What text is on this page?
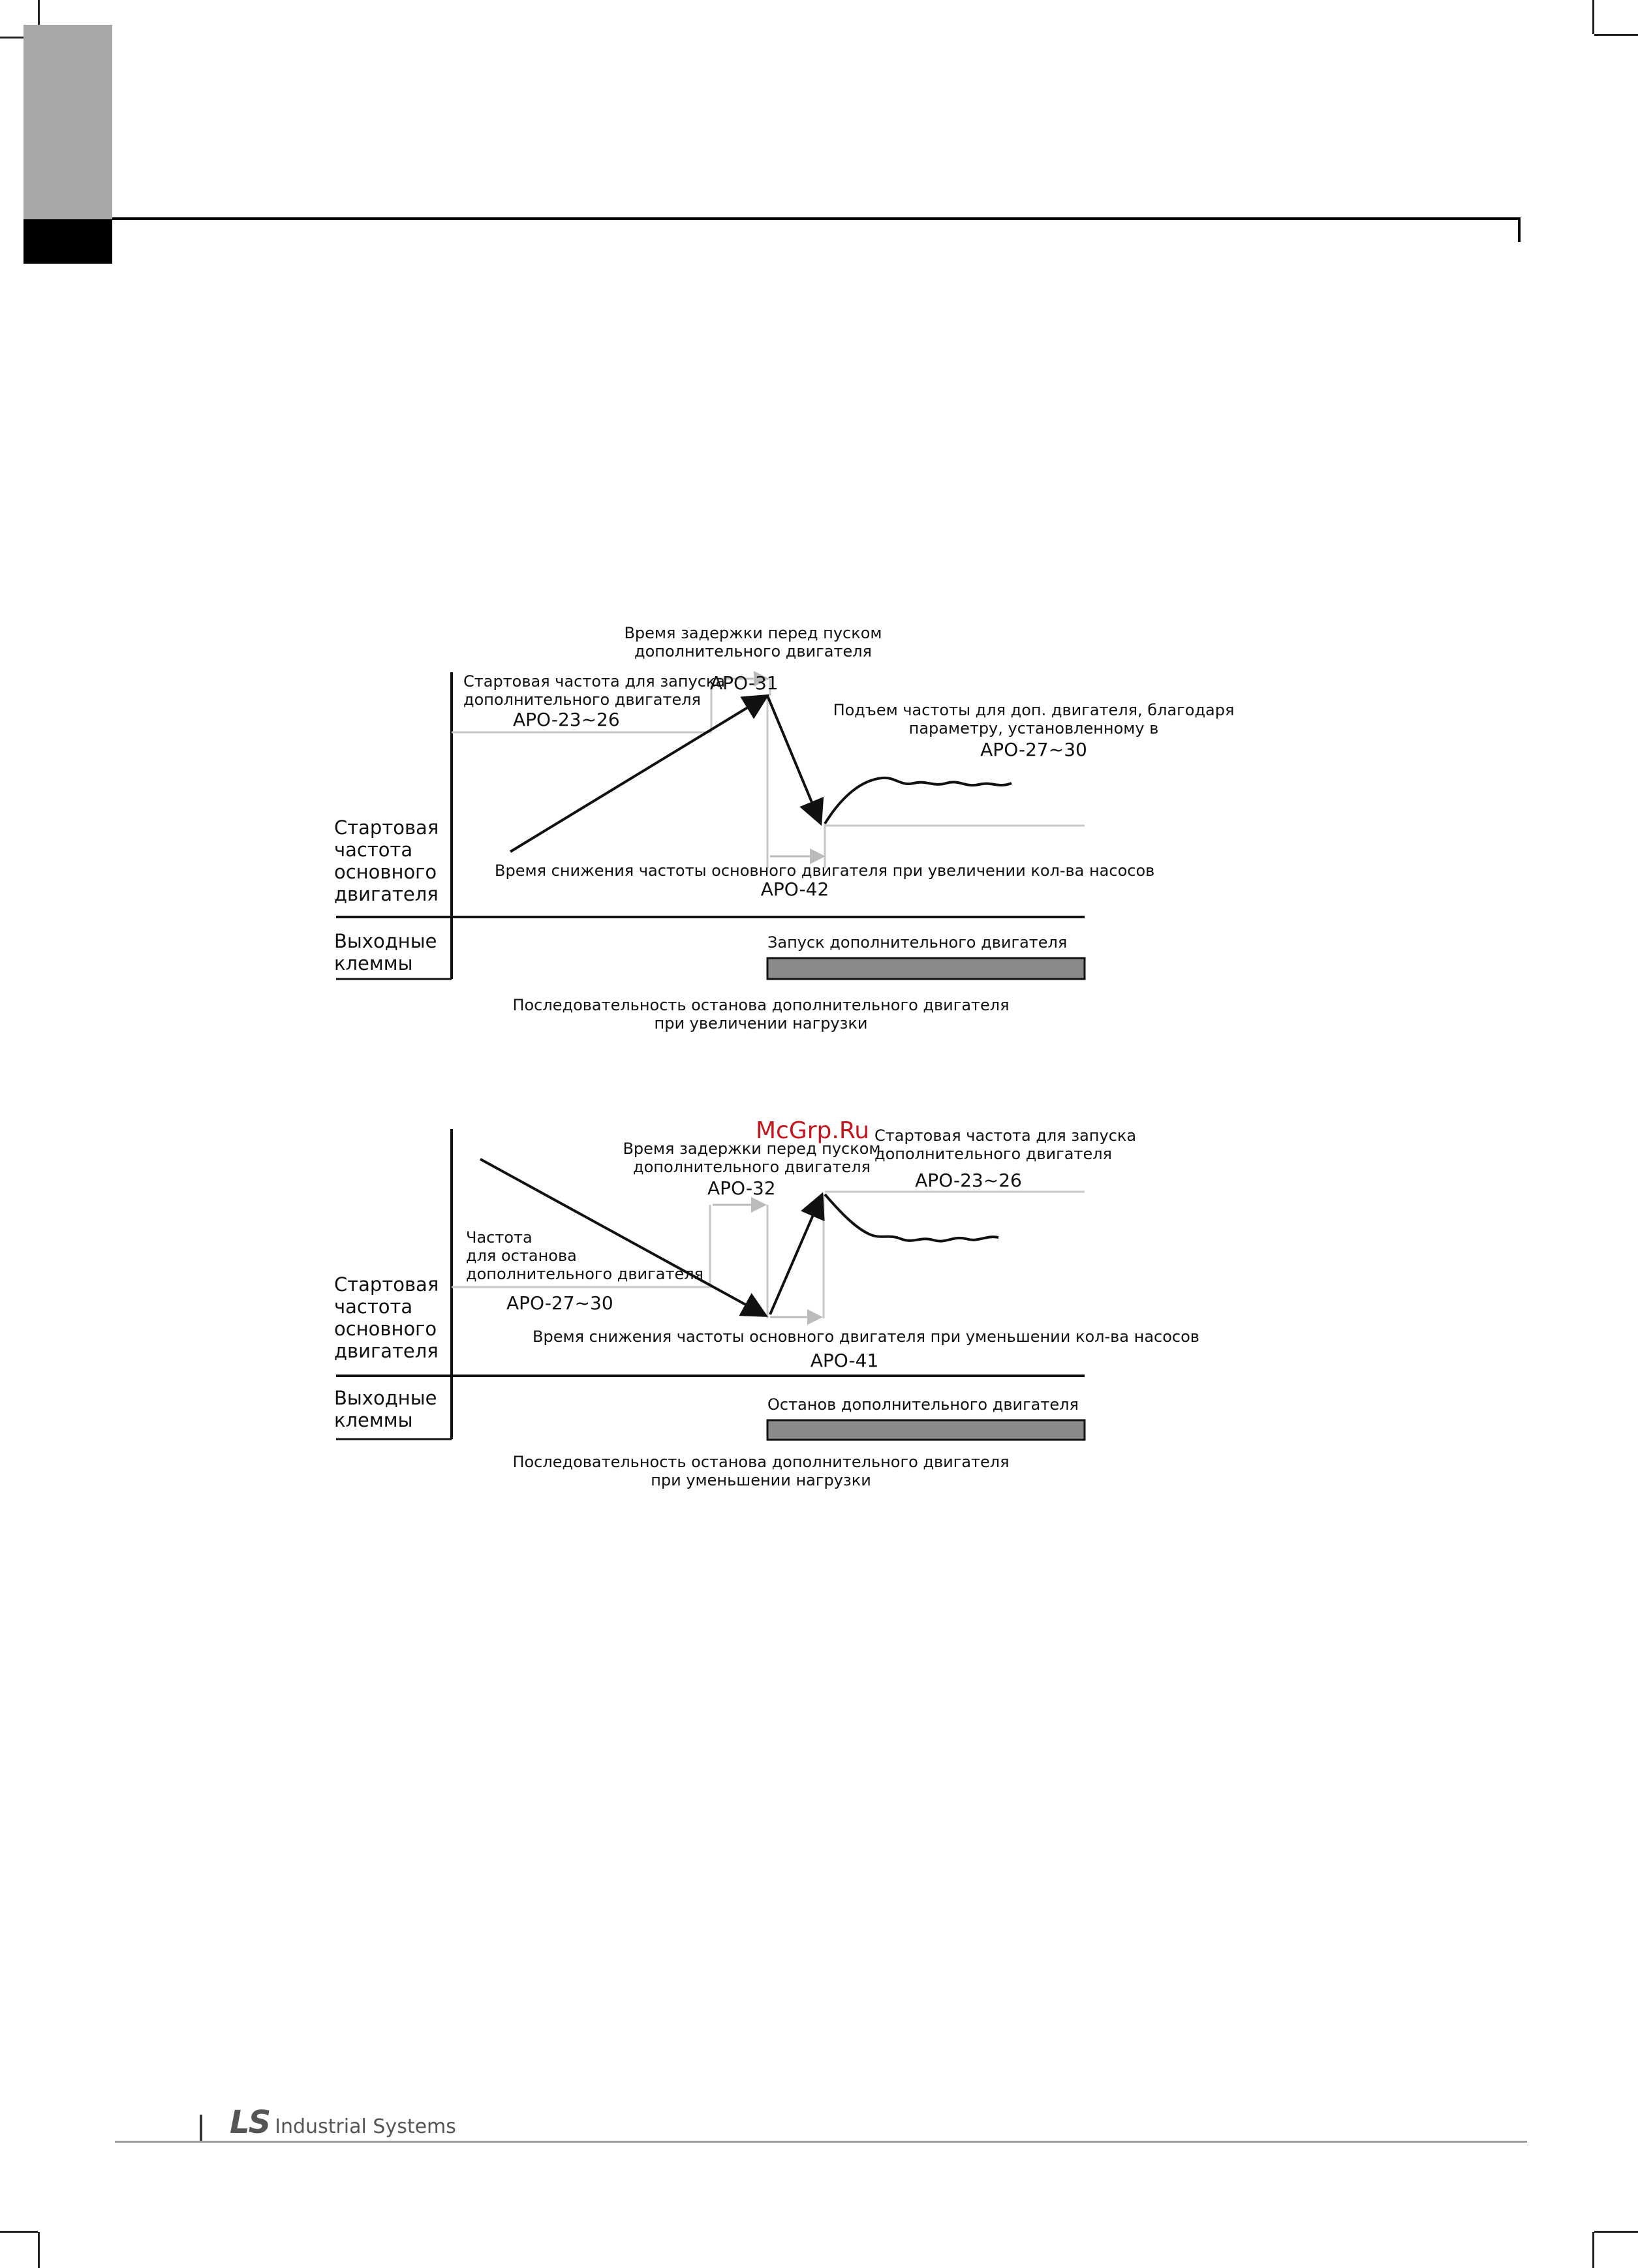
Время задержки перед пуском
дополнительного двигателя
Стартовая частота для запуска
дополнительного двигателя
APO-23~26
APO-31
Подъем частоты для доп. двигателя, благодаря
параметру, установленному в
APO-27~30
Стартовая
частота
основного
двигателя
Время снижения частоты основного двигателя при увеличении кол-ва насосов
APO-42
Выходные
клеммы
Запуск дополнительного двигателя
Последовательность останова дополнительного двигателя
при увеличении нагрузки
Время задержки перед пуском
дополнительного двигателя
APO-32
Стартовая частота для запуска
дополнительного двигателя
APO-23~26
Частота
для останова
дополнительного двигателя
APO-27~30
Стартовая
частота
основного
двигателя
Время снижения частоты основного двигателя при уменьшении кол-ва насосов
APO-41
Выходные
клеммы
Останов дополнительного двигателя
Последовательность останова дополнительного двигателя
при уменьшении нагрузки
McGrp.Ru
LS Industrial Systems
